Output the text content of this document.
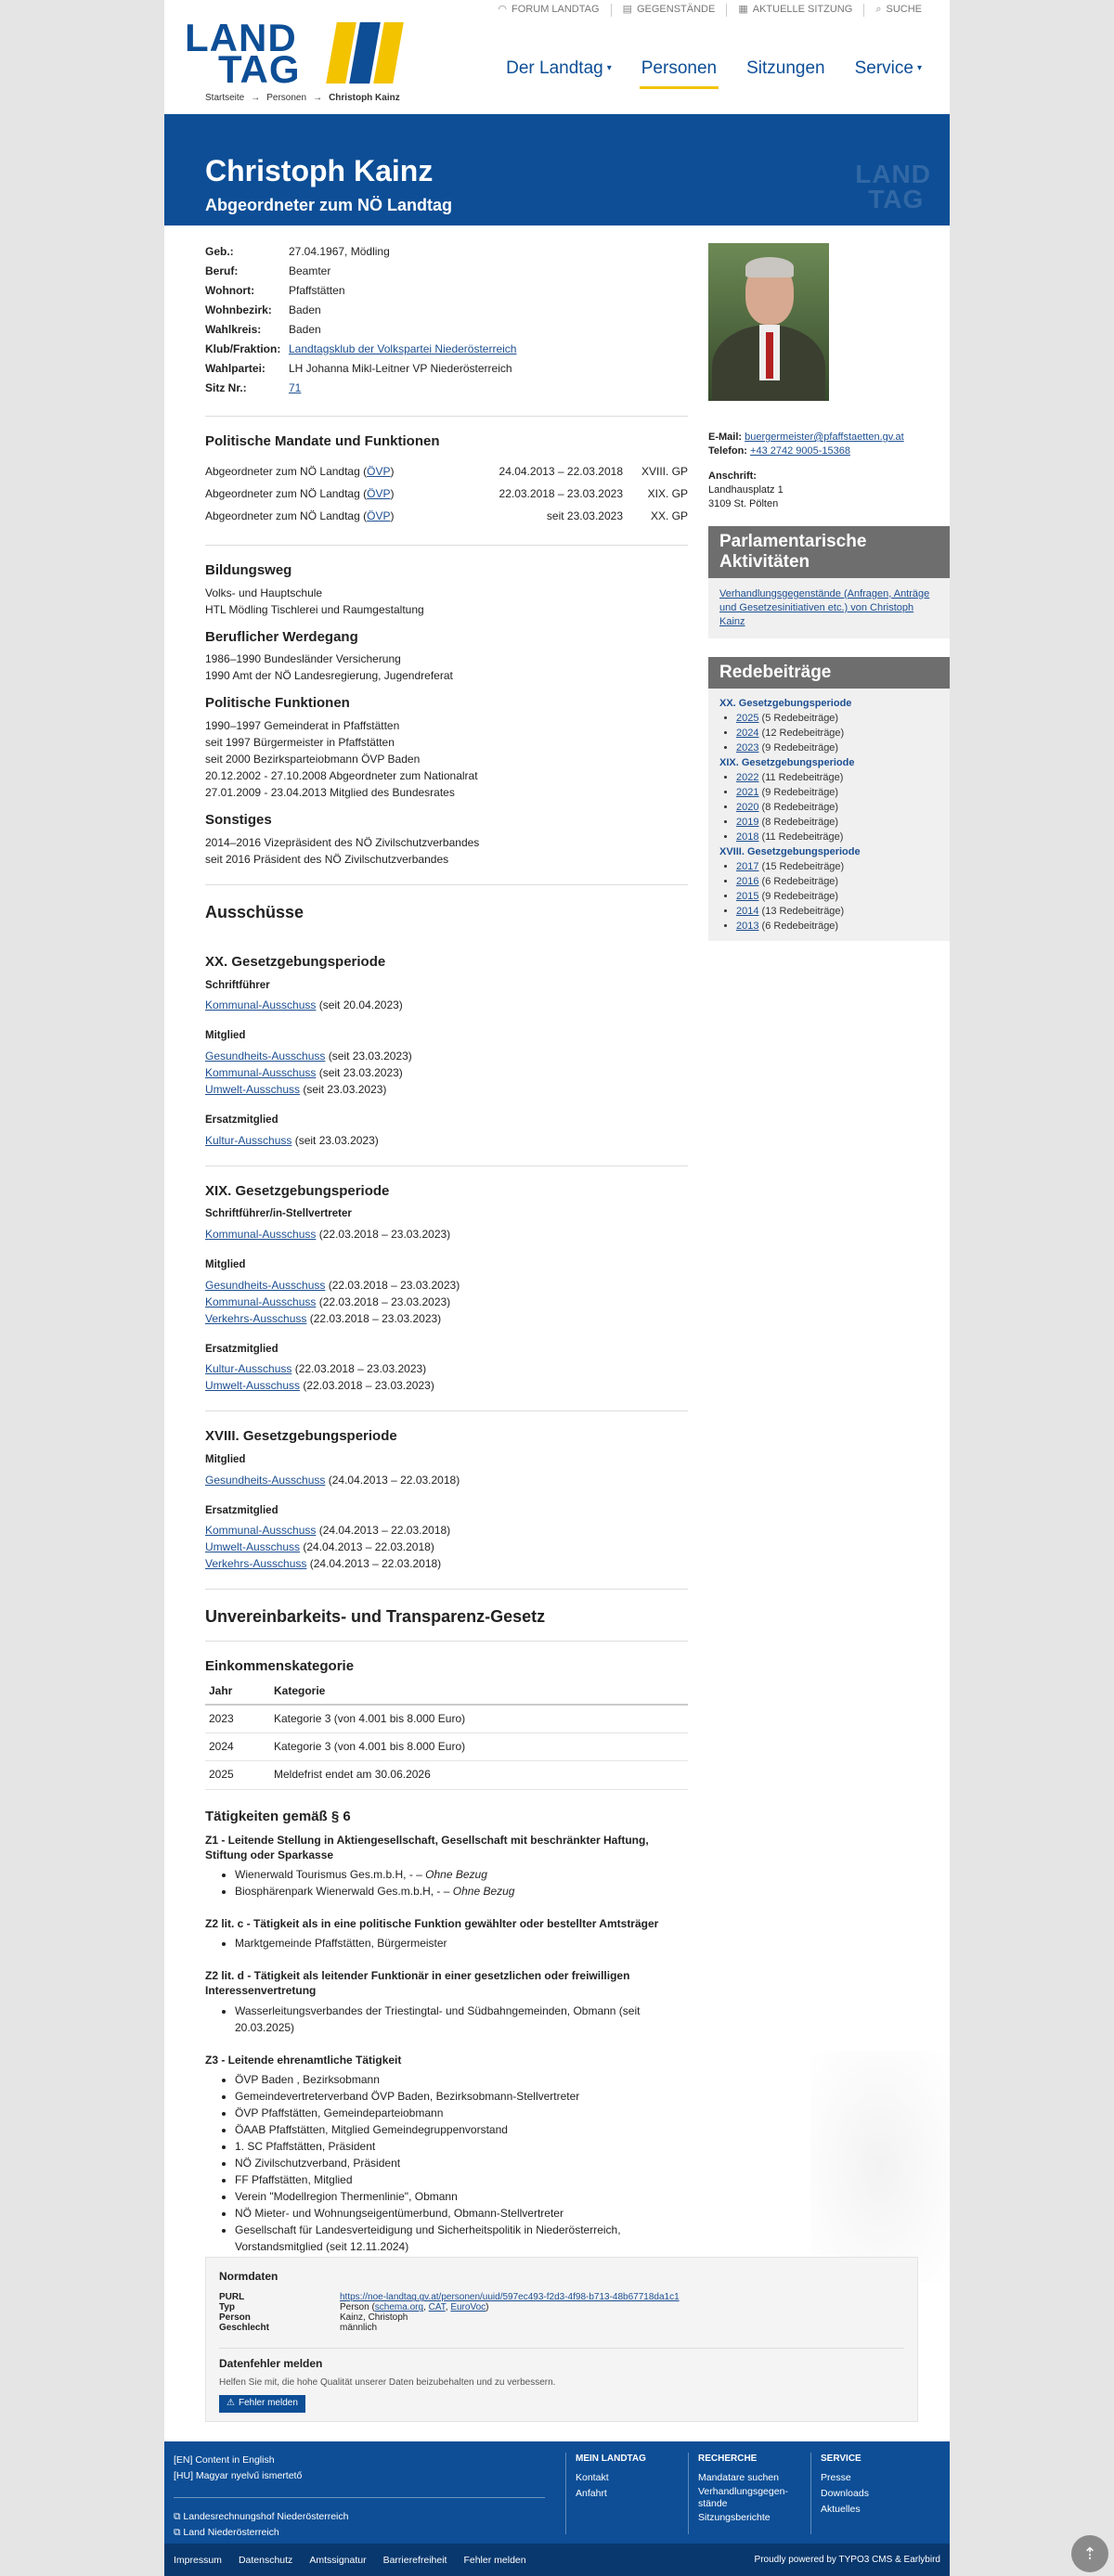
◠ FORUM LANDTAG ▤ GEGENSTÄNDE ▦ AKTUELLE SITZUNG ⌕ SUCHE
LAND
TAG
Startseite → Personen → Christoph Kainz
Der Landtag ▾ Personen Sitzungen Service ▾
Christoph Kainz
Abgeordneter zum NÖ Landtag
LAND
TAG
Geb.:	27.04.1967, Mödling
Beruf:	Beamter
Wohnort:	Pfaffstätten
Wohnbezirk:	Baden
Wahlkreis:	Baden
Klub/Fraktion:	Landtagsklub der Volkspartei Niederösterreich
Wahlpartei:	LH Johanna Mikl-Leitner VP Niederösterreich
Sitz Nr.:	71
Politische Mandate und Funktionen
Abgeordneter zum NÖ Landtag (ÖVP)	24.04.2013 – 22.03.2018	XVIII. GP
Abgeordneter zum NÖ Landtag (ÖVP)	22.03.2018 – 23.03.2023	XIX. GP
Abgeordneter zum NÖ Landtag (ÖVP)	seit 23.03.2023	XX. GP
Bildungsweg

Volks- und Hauptschule

HTL Mödling Tischlerei und Raumgestaltung

Beruflicher Werdegang

1986–1990 Bundesländer Versicherung

1990 Amt der NÖ Landesregierung, Jugendreferat

Politische Funktionen

1990–1997 Gemeinderat in Pfaffstätten

seit 1997 Bürgermeister in Pfaffstätten

seit 2000 Bezirksparteiobmann ÖVP Baden

20.12.2002 - 27.10.2008 Abgeordneter zum Nationalrat

27.01.2009 - 23.04.2013 Mitglied des Bundesrates

Sonstiges

2014–2016 Vizepräsident des NÖ Zivilschutzverbandes

seit 2016 Präsident des NÖ Zivilschutzverbandes

Ausschüsse
XX. Gesetzgebungsperiode
Schriftführer
Kommunal-Ausschuss (seit 20.04.2023)
Mitglied
Gesundheits-Ausschuss (seit 23.03.2023)
Kommunal-Ausschuss (seit 23.03.2023)
Umwelt-Ausschuss (seit 23.03.2023)
Ersatzmitglied
Kultur-Ausschuss (seit 23.03.2023)
XIX. Gesetzgebungsperiode
Schriftführer/in-Stellvertreter
Kommunal-Ausschuss (22.03.2018 – 23.03.2023)
Mitglied
Gesundheits-Ausschuss (22.03.2018 – 23.03.2023)
Kommunal-Ausschuss (22.03.2018 – 23.03.2023)
Verkehrs-Ausschuss (22.03.2018 – 23.03.2023)
Ersatzmitglied
Kultur-Ausschuss (22.03.2018 – 23.03.2023)
Umwelt-Ausschuss (22.03.2018 – 23.03.2023)
XVIII. Gesetzgebungsperiode
Mitglied
Gesundheits-Ausschuss (24.04.2013 – 22.03.2018)
Ersatzmitglied
Kommunal-Ausschuss (24.04.2013 – 22.03.2018)
Umwelt-Ausschuss (24.04.2013 – 22.03.2018)
Verkehrs-Ausschuss (24.04.2013 – 22.03.2018)
Unvereinbarkeits- und Transparenz-Gesetz
Einkommenskategorie
Jahr	Kategorie
2023	Kategorie 3 (von 4.001 bis 8.000 Euro)
2024	Kategorie 3 (von 4.001 bis 8.000 Euro)
2025	Meldefrist endet am 30.06.2026
Tätigkeiten gemäß § 6
Z1 - Leitende Stellung in Aktiengesellschaft, Gesellschaft mit beschränkter Haftung, Stiftung oder Sparkasse
• Wienerwald Tourismus Ges.m.b.H, - – Ohne Bezug
• Biosphärenpark Wienerwald Ges.m.b.H, - – Ohne Bezug
Z2 lit. c - Tätigkeit als in eine politische Funktion gewählter oder bestellter Amtsträger
• Marktgemeinde Pfaffstätten, Bürgermeister
Z2 lit. d - Tätigkeit als leitender Funktionär in einer gesetzlichen oder freiwilligen Interessenvertretung
• Wasserleitungsverbandes der Triestingtal- und Südbahngemeinden, Obmann (seit 20.03.2025)
Z3 - Leitende ehrenamtliche Tätigkeit
• ÖVP Baden , Bezirksobmann
• Gemeindevertreterverband ÖVP Baden, Bezirksobmann-Stellvertreter
• ÖVP Pfaffstätten, Gemeindeparteiobmann
• ÖAAB Pfaffstätten, Mitglied Gemeindegruppenvorstand
• 1. SC Pfaffstätten, Präsident
• NÖ Zivilschutzverband, Präsident
• FF Pfaffstätten, Mitglied
• Verein "Modellregion Thermenlinie", Obmann
• NÖ Mieter- und Wohnungseigentümerbund, Obmann-Stellvertreter
• Gesellschaft für Landesverteidigung und Sicherheitspolitik in Niederösterreich, Vorstandsmitglied (seit 12.11.2024)
E-Mail: buergermeister@pfaffstaetten.gv.at
Telefon: +43 2742 9005-15368
Anschrift:
Landhausplatz 1
3109 St. Pölten
Parlamentarische Aktivitäten
Verhandlungsgegenstände (Anfragen, Anträge und Gesetzesinitiativen etc.) von Christoph Kainz
Redebeiträge
XX. Gesetzgebungsperiode
• 2025 (5 Redebeiträge)
• 2024 (12 Redebeiträge)
• 2023 (9 Redebeiträge)
XIX. Gesetzgebungsperiode
• 2022 (11 Redebeiträge)
• 2021 (9 Redebeiträge)
• 2020 (8 Redebeiträge)
• 2019 (8 Redebeiträge)
• 2018 (11 Redebeiträge)
XVIII. Gesetzgebungsperiode
• 2017 (15 Redebeiträge)
• 2016 (6 Redebeiträge)
• 2015 (9 Redebeiträge)
• 2014 (13 Redebeiträge)
• 2013 (6 Redebeiträge)
Normdaten
PURL	https://noe-landtag.gv.at/personen/uuid/597ec493-f2d3-4f98-b713-48b67718da1c1
Typ	Person (schema.org, CAT, EuroVoc)
Person	Kainz, Christoph
Geschlecht	männlich
Datenfehler melden
Helfen Sie mit, die hohe Qualität unserer Daten beizubehalten und zu verbessern.
⚠ Fehler melden
[EN] Content in English
[HU] Magyar nyelvű ismertető
⧉ Landesrechnungshof Niederösterreich
⧉ Land Niederösterreich
MEIN LANDTAG
Kontakt
Anfahrt
RECHERCHE
Mandatare suchen
Verhandlungsgegen-stände
Sitzungsberichte
SERVICE
Presse
Downloads
Aktuelles
Impressum Datenschutz Amtssignatur Barrierefreiheit Fehler melden	Proudly powered by TYPO3 CMS & Earlybird	⇡
